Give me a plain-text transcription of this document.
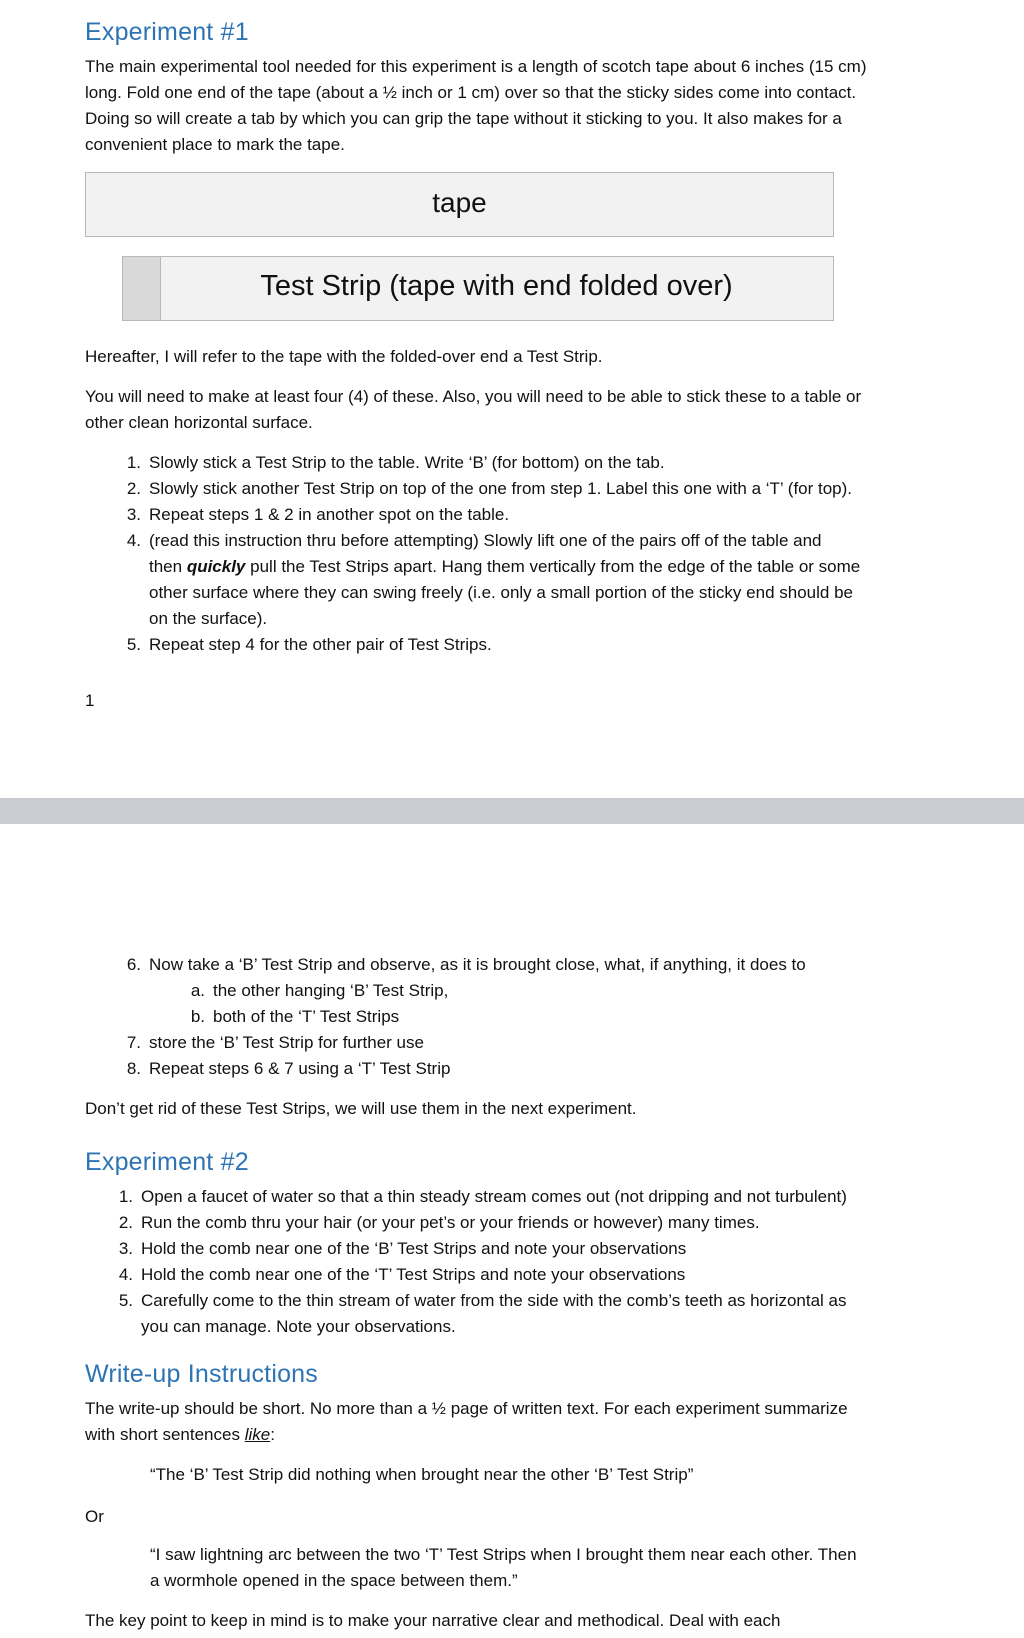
Experiment #1
The main experimental tool needed for this experiment is a length of scotch tape about 6 inches (15 cm)
long. Fold one end of the tape (about a ½ inch or 1 cm) over so that the sticky sides come into contact.
Doing so will create a tab by which you can grip the tape without it sticking to you. It also makes for a
convenient place to mark the tape.
tape
Test Strip (tape with end folded over)
Hereafter, I will refer to the tape with the folded-over end a Test Strip.
You will need to make at least four (4) of these. Also, you will need to be able to stick these to a table or
other clean horizontal surface.
1. Slowly stick a Test Strip to the table. Write ‘B’ (for bottom) on the tab.
2. Slowly stick another Test Strip on top of the one from step 1. Label this one with a ‘T’ (for top).
3. Repeat steps 1 & 2 in another spot on the table.
4. (read this instruction thru before attempting) Slowly lift one of the pairs off of the table and
then quickly pull the Test Strips apart. Hang them vertically from the edge of the table or some
other surface where they can swing freely (i.e. only a small portion of the sticky end should be
on the surface).
5. Repeat step 4 for the other pair of Test Strips.
1
6. Now take a ‘B’ Test Strip and observe, as it is brought close, what, if anything, it does to
a. the other hanging ‘B’ Test Strip,
b. both of the ‘T’ Test Strips
7. store the ‘B’ Test Strip for further use
8. Repeat steps 6 & 7 using a ‘T’ Test Strip
Don’t get rid of these Test Strips, we will use them in the next experiment.
Experiment #2
1. Open a faucet of water so that a thin steady stream comes out (not dripping and not turbulent)
2. Run the comb thru your hair (or your pet’s or your friends or however) many times.
3. Hold the comb near one of the ‘B’ Test Strips and note your observations
4. Hold the comb near one of the ‘T’ Test Strips and note your observations
5. Carefully come to the thin stream of water from the side with the comb’s teeth as horizontal as
you can manage. Note your observations.
Write-up Instructions
The write-up should be short. No more than a ½ page of written text. For each experiment summarize
with short sentences like:
“The ‘B’ Test Strip did nothing when brought near the other ‘B’ Test Strip”
Or
“I saw lightning arc between the two ‘T’ Test Strips when I brought them near each other. Then
a wormhole opened in the space between them.”
The key point to keep in mind is to make your narrative clear and methodical. Deal with each
